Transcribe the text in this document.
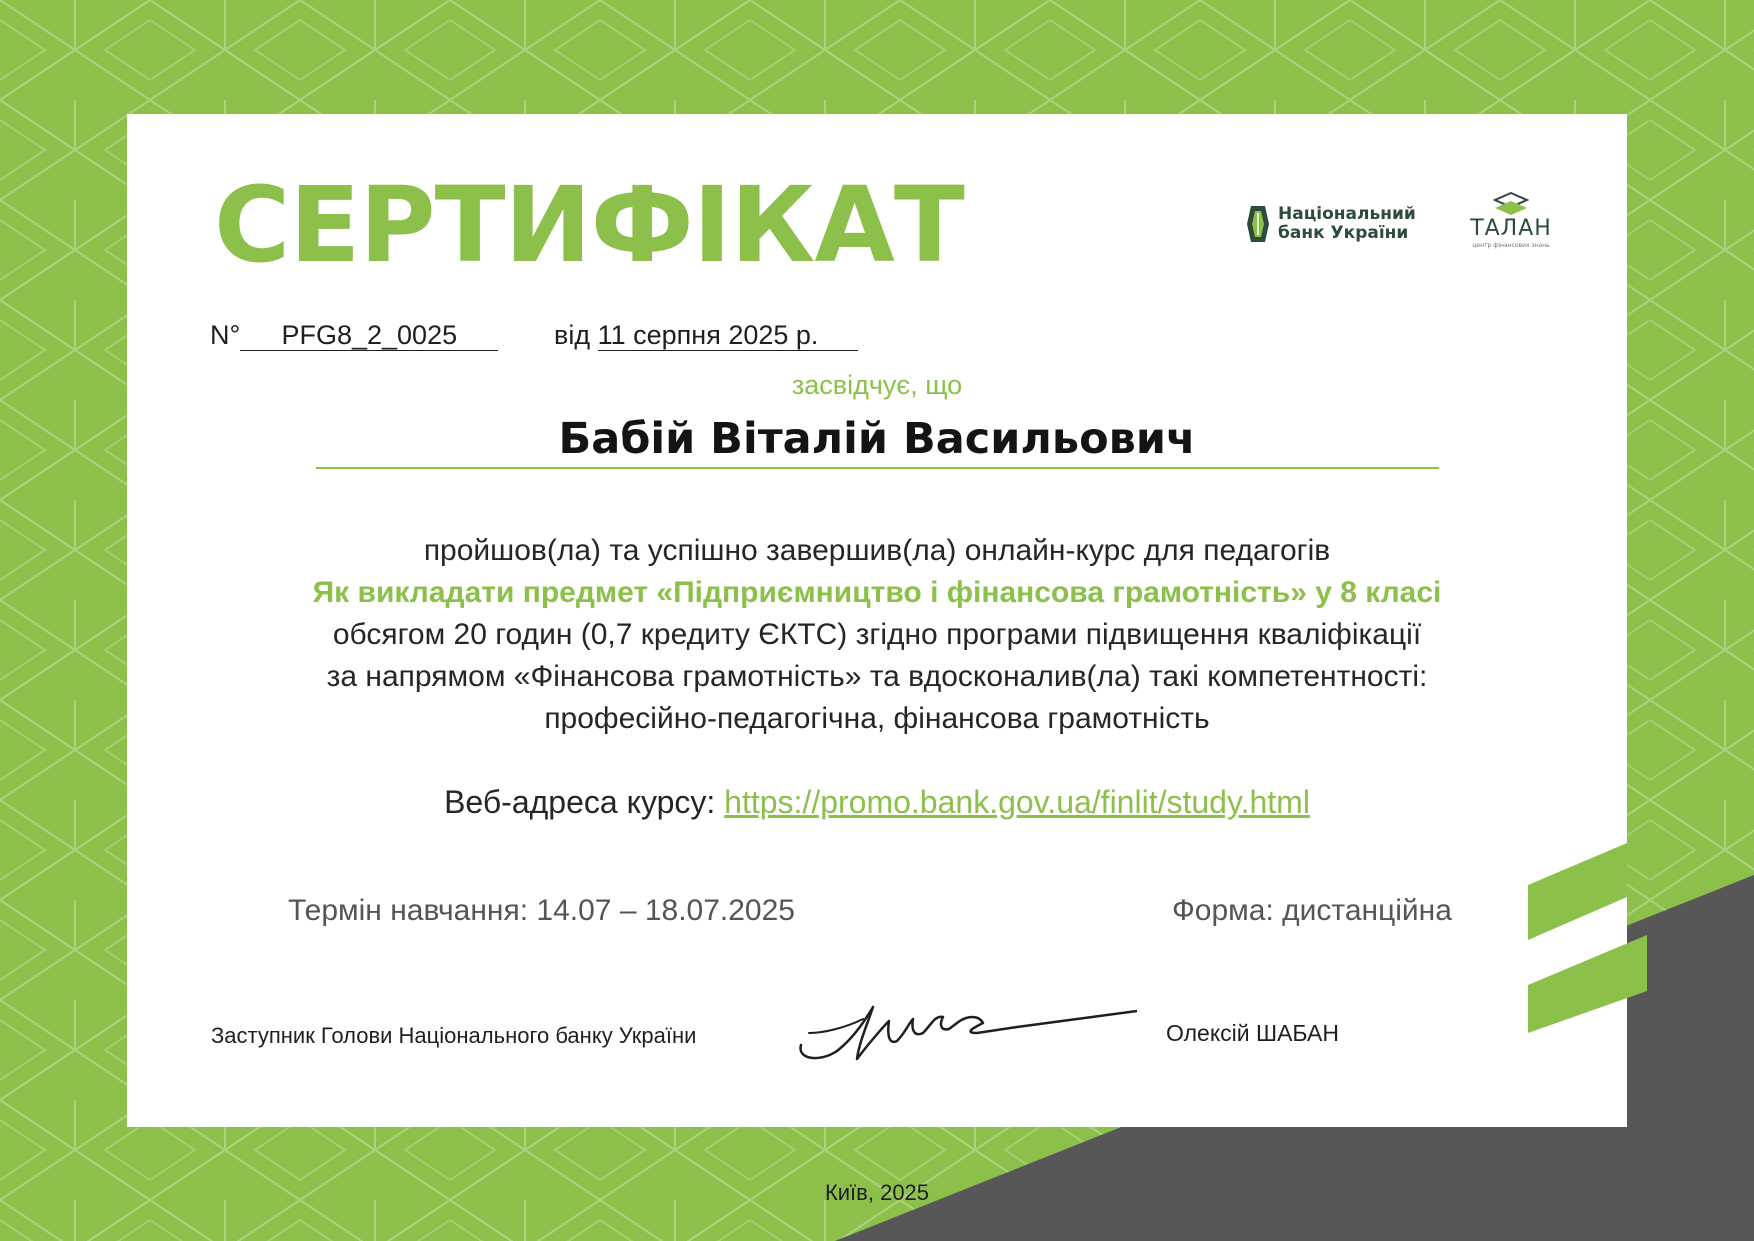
СЕРТИФІКАТ	Національний
банк України	ТАЛАН
центр фінансових знань
N° PFG8_2_0025	від 11 серпня 2025 р.
засвідчує, що
Бабій Віталій Васильович
пройшов(ла) та успішно завершив(ла) онлайн-курс для педагогів
Як викладати предмет «Підприємництво і фінансова грамотність» у 8 класі
обсягом 20 годин (0,7 кредиту ЄКТС) згідно програми підвищення кваліфікації
за напрямом «Фінансова грамотність» та вдосконалив(ла) такі компетентності:
професійно-педагогічна, фінансова грамотність
Веб-адреса курсу: https://promo.bank.gov.ua/finlit/study.html
Термін навчання: 14.07 – 18.07.2025	Форма: дистанційна
Заступник Голови Національного банку України	Олексій ШАБАН
Київ, 2025
